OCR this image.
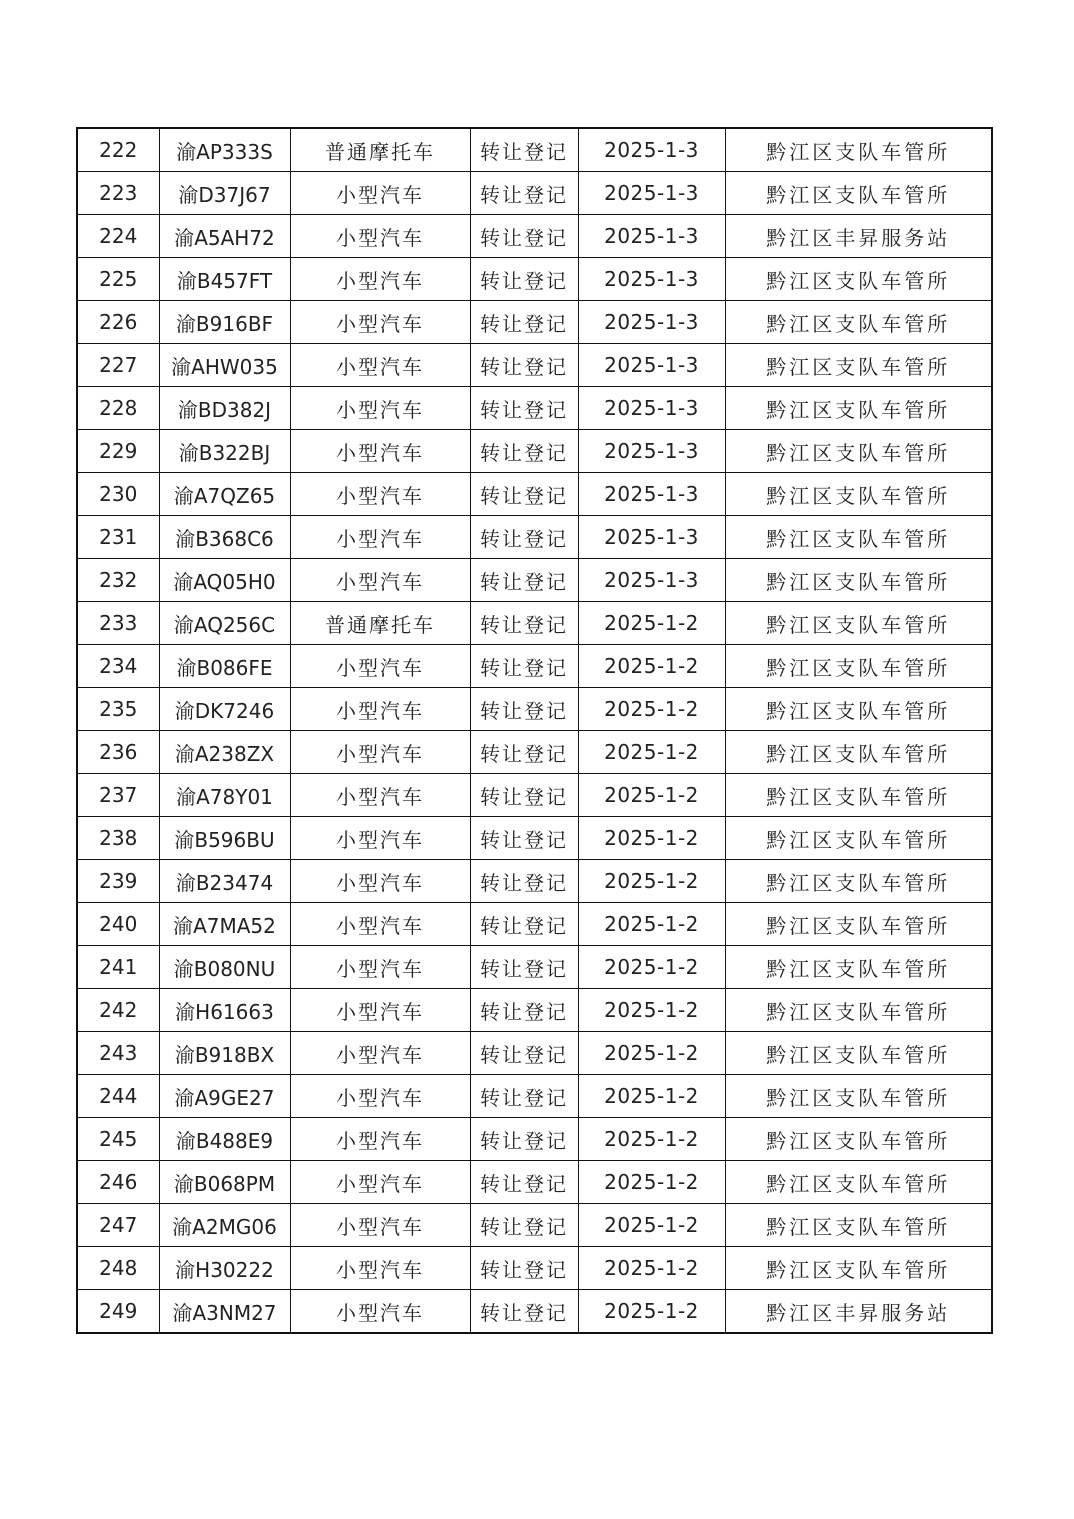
222	渝AP333S	普通摩托车	转让登记	2025-1-3	黔江区支队车管所
223	渝D37J67	小型汽车	转让登记	2025-1-3	黔江区支队车管所
224	渝A5AH72	小型汽车	转让登记	2025-1-3	黔江区丰昇服务站
225	渝B457FT	小型汽车	转让登记	2025-1-3	黔江区支队车管所
226	渝B916BF	小型汽车	转让登记	2025-1-3	黔江区支队车管所
227	渝AHW035	小型汽车	转让登记	2025-1-3	黔江区支队车管所
228	渝BD382J	小型汽车	转让登记	2025-1-3	黔江区支队车管所
229	渝B322BJ	小型汽车	转让登记	2025-1-3	黔江区支队车管所
230	渝A7QZ65	小型汽车	转让登记	2025-1-3	黔江区支队车管所
231	渝B368C6	小型汽车	转让登记	2025-1-3	黔江区支队车管所
232	渝AQ05H0	小型汽车	转让登记	2025-1-3	黔江区支队车管所
233	渝AQ256C	普通摩托车	转让登记	2025-1-2	黔江区支队车管所
234	渝B086FE	小型汽车	转让登记	2025-1-2	黔江区支队车管所
235	渝DK7246	小型汽车	转让登记	2025-1-2	黔江区支队车管所
236	渝A238ZX	小型汽车	转让登记	2025-1-2	黔江区支队车管所
237	渝A78Y01	小型汽车	转让登记	2025-1-2	黔江区支队车管所
238	渝B596BU	小型汽车	转让登记	2025-1-2	黔江区支队车管所
239	渝B23474	小型汽车	转让登记	2025-1-2	黔江区支队车管所
240	渝A7MA52	小型汽车	转让登记	2025-1-2	黔江区支队车管所
241	渝B080NU	小型汽车	转让登记	2025-1-2	黔江区支队车管所
242	渝H61663	小型汽车	转让登记	2025-1-2	黔江区支队车管所
243	渝B918BX	小型汽车	转让登记	2025-1-2	黔江区支队车管所
244	渝A9GE27	小型汽车	转让登记	2025-1-2	黔江区支队车管所
245	渝B488E9	小型汽车	转让登记	2025-1-2	黔江区支队车管所
246	渝B068PM	小型汽车	转让登记	2025-1-2	黔江区支队车管所
247	渝A2MG06	小型汽车	转让登记	2025-1-2	黔江区支队车管所
248	渝H30222	小型汽车	转让登记	2025-1-2	黔江区支队车管所
249	渝A3NM27	小型汽车	转让登记	2025-1-2	黔江区丰昇服务站
